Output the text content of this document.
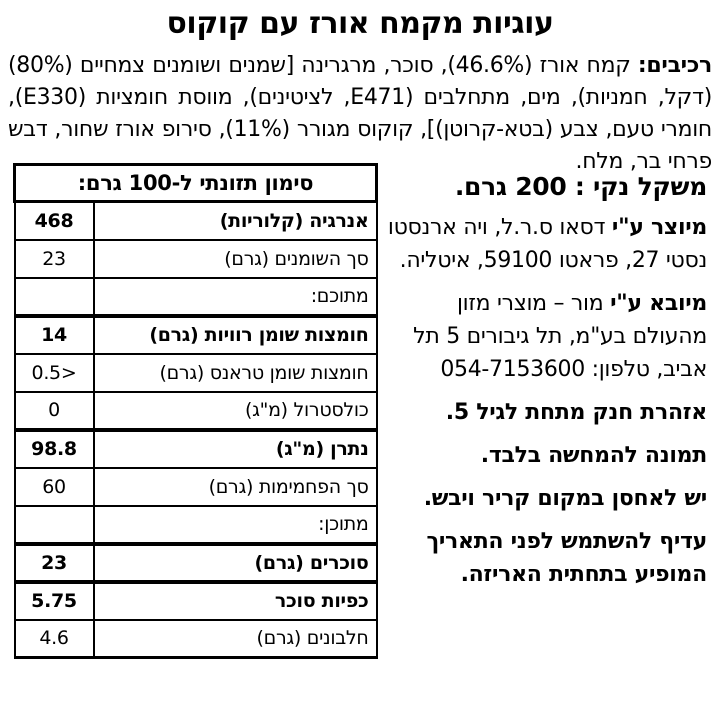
עוגיות מקמח אורז עם קוקוס
רכיבים: קמח אורז (46.6%), סוכר, מרגרינה [שמנים ושומנים צמחיים (80%) (דקל, חמניות), מים, מתחלבים (E471, לציטינים), מווסת חומציות (E330), חומרי טעם, צבע (בטא-קרוטן)], קוקוס מגורר (11%), סירופ אורז שחור, דבש פרחי בר, מלח.
סימון תזונתי ל-100 גרם:	
אנרגיה (קלוריות)	468
סך השומנים (גרם)	23
מתוכם:	
חומצות שומן רוויות (גרם)	14
חומצות שומן טראנס (גרם)	<0.5
כולסטרול (מ"ג)	0
נתרן (מ"ג)	98.8
סך הפחמימות (גרם)	60
מתוכן:	
סוכרים (גרם)	23
כפיות סוכר	5.75
חלבונים (גרם)	4.6
משקל נקי : 200 גרם.

מיוצר ע"י דסאו ס.ר.ל, ויה ארנסטו נסטי 27, פראטו 59100, איטליה.

מיובא ע"י מור – מוצרי מזון מהעולם בע"מ, תל גיבורים 5 תל אביב, טלפון: 054-7153600

אזהרת חנק מתחת לגיל 5.

תמונה להמחשה בלבד.

יש לאחסן במקום קריר ויבש.

עדיף להשתמש לפני התאריך המופיע בתחתית האריזה.
